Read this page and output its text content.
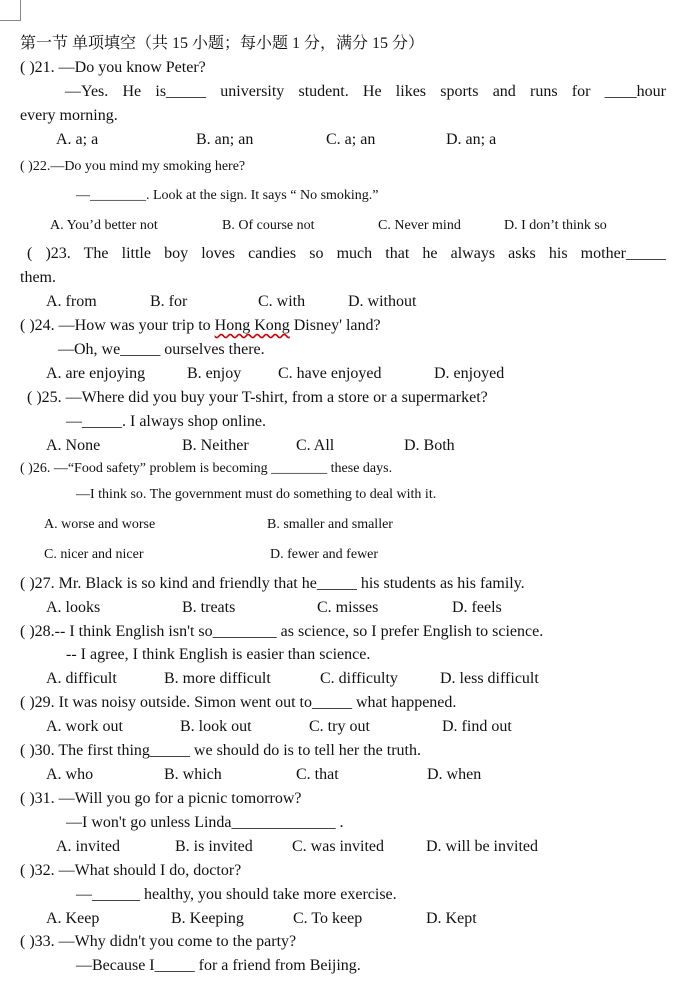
第一节 单项填空（共 15 小题；每小题 1 分，满分 15 分）
( )21. —Do you know Peter?
—Yes. He is_____ university student. He likes sports and runs for ____hour
every morning.
A. a; a	B. an; an	C. a; an	D. an; a
( )22.—Do you mind my smoking here?
—________. Look at the sign. It says “ No smoking.”
A. You’d better not	B. Of course not	C. Never mind	D. I don’t think so
( )23. The little boy loves candies so much that he always asks his mother_____
them.
A. from	B. for	C. with	D. without
( )24. —How was your trip to Hong Kong Disney' land?
—Oh, we_____ ourselves there.
A. are enjoying	B. enjoy C. have enjoyed	D. enjoyed
( )25. —Where did you buy your T-shirt, from a store or a supermarket?
—_____. I always shop online.
A. None	B. Neither	C. All	D. Both
( )26. —“Food safety” problem is becoming ________ these days.
—I think so. The government must do something to deal with it.
A. worse and worse	B. smaller and smaller
C. nicer and nicer	D. fewer and fewer
( )27. Mr. Black is so kind and friendly that he_____ his students as his family.
A. looks	B. treats	C. misses	D. feels
( )28.-- I think English isn't so________ as science, so I prefer English to science.
-- I agree, I think English is easier than science.
A. difficult	B. more difficult	C. difficulty	D. less difficult
( )29. It was noisy outside. Simon went out to_____ what happened.
A. work out	B. look out	C. try out	D. find out
( )30. The first thing_____ we should do is to tell her the truth.
A. who	B. which	C. that	D. when
( )31. —Will you go for a picnic tomorrow?
—I won't go unless Linda_____________ .
A. invited	B. is invited C. was invited	D. will be invited
( )32. —What should I do, doctor?
—______ healthy, you should take more exercise.
A. Keep	B. Keeping	C. To keep	D. Kept
( )33. —Why didn't you come to the party?
—Because I_____ for a friend from Beijing.
